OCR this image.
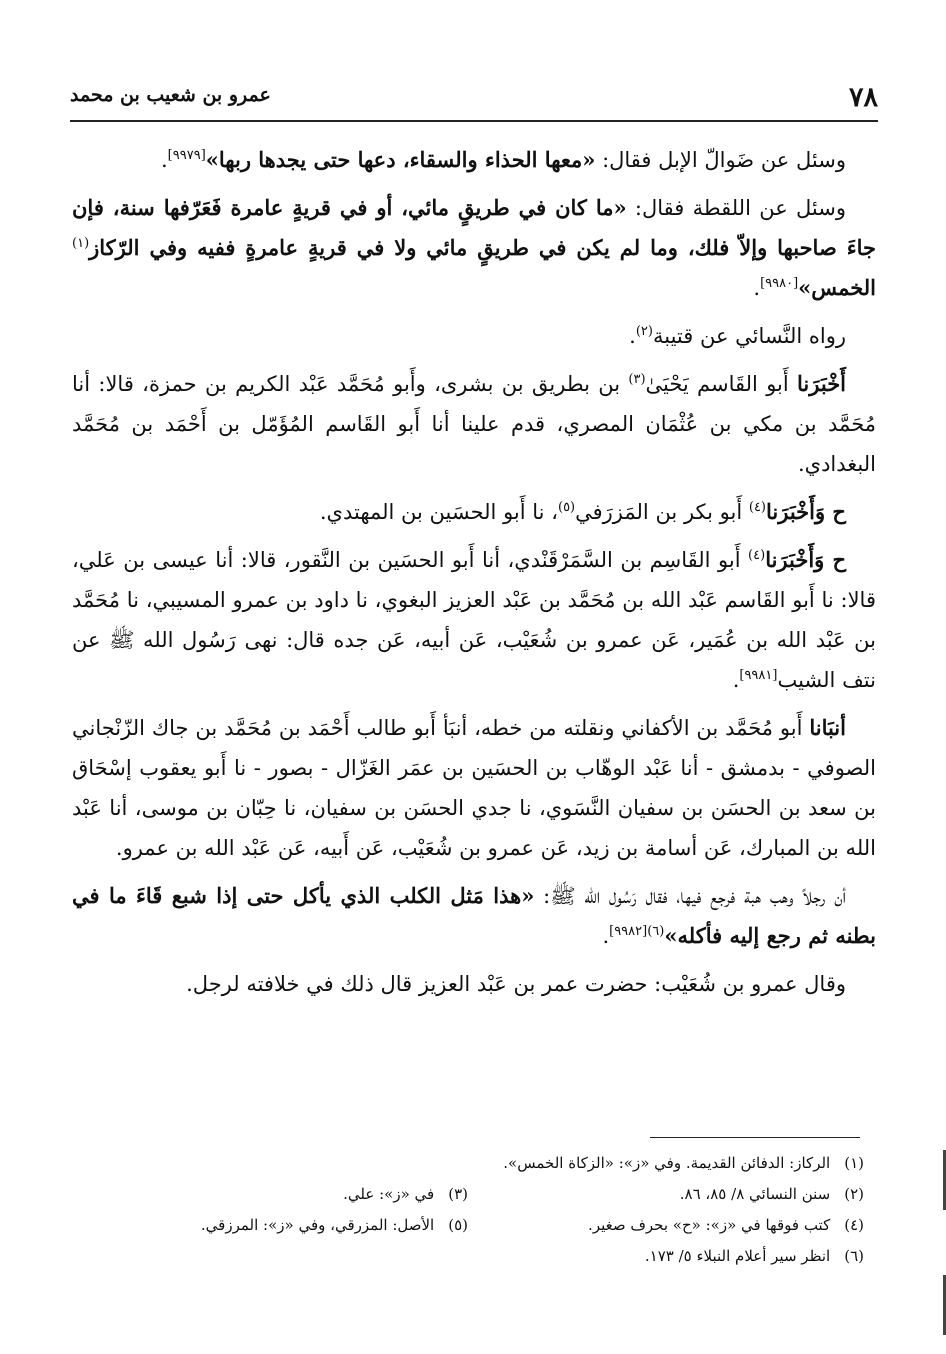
٧٨
عمرو بن شعيب بن محمد

وسئل عن ضَوالّ الإبل فقال: «معها الحذاء والسقاء، دعها حتى يجدها ربها»[٩٩٧٩].

وسئل عن اللقطة فقال: «ما كان في طريقٍ مائي، أو في قريةٍ عامرة فَعَرّفها سنة، فإن جاءَ صاحبها وإلاّ فلك، وما لم يكن في طريقٍ مائي ولا في قريةٍ عامرةٍ ففيه وفي الرّكاز$^{(١)}$ الخمس»[٩٩٨٠].

رواه النَّسائي عن قتيبة$^{(٢)}$.

أَخْبَرَنا أَبو القَاسم يَحْيَىٰ$^{(٣)}$ بن بطريق بن بشرى، وأَبو مُحَمَّد عَبْد الكريم بن حمزة، قالا: أنا مُحَمَّد بن مكي بن عُثْمَان المصري، قدم علينا أنا أَبو القَاسم المُؤَمّل بن أَحْمَد بن مُحَمَّد البغدادي.

ح وَأَخْبَرَنا$^{(٤)}$ أَبو بكر بن المَزرَفي$^{(٥)}$، نا أَبو الحسَين بن المهتدي.

ح وَأَخْبَرَنا$^{(٤)}$ أَبو القَاسِم بن السَّمَرْقَنْدي، أنا أَبو الحسَين بن النَّقور، قالا: أنا عيسى بن عَلي، قالا: نا أَبو القَاسم عَبْد الله بن مُحَمَّد بن عَبْد العزيز البغوي، نا داود بن عمرو المسيبي، نا مُحَمَّد بن عَبْد الله بن عُمَير، عَن عمرو بن شُعَيْب، عَن أبيه، عَن جده قال: نهى رَسُول الله ﷺ عن نتف الشيب[٩٩٨١].

أنبَانا أَبو مُحَمَّد بن الأكفاني ونقلته من خطه، أنبَأ أَبو طالب أَحْمَد بن مُحَمَّد بن جاك الزّنْجاني الصوفي - بدمشق - أنا عَبْد الوهّاب بن الحسَين بن عمَر الغَزّال - بصور - نا أَبو يعقوب إسْحَاق بن سعد بن الحسَن بن سفيان النَّسَوي، نا جدي الحسَن بن سفيان، نا حِبّان بن موسى، أنا عَبْد الله بن المبارك، عَن أسامة بن زيد، عَن عمرو بن شُعَيْب، عَن أَبيه، عَن عَبْد الله بن عمرو.

أن رجلاً وهب هبة فرجع فيها، فقال رَسُول الله ﷺ: «هذا مَثل الكلب الذي يأكل حتى إذا شبع قَاءَ ما في بطنه ثم رجع إليه فأكله»$^{(٦)[٩٩٨٢]}$.

وقال عمرو بن شُعَيْب: حضرت عمر بن عَبْد العزيز قال ذلك في خلافته لرجل.

(١)الركاز: الدفائن القديمة. وفي «ز»: «الزكاة الخمس».
(٢)سنن النسائي ٨/ ٨٥، ٨٦.
(٣)في «ز»: علي.
(٤)كتب فوقها في «ز»: «ح» بحرف صغير.
(٥)الأصل: المزرقي، وفي «ز»: المرزقي.
(٦)انظر سير أعلام النبلاء ٥/ ١٧٣.
